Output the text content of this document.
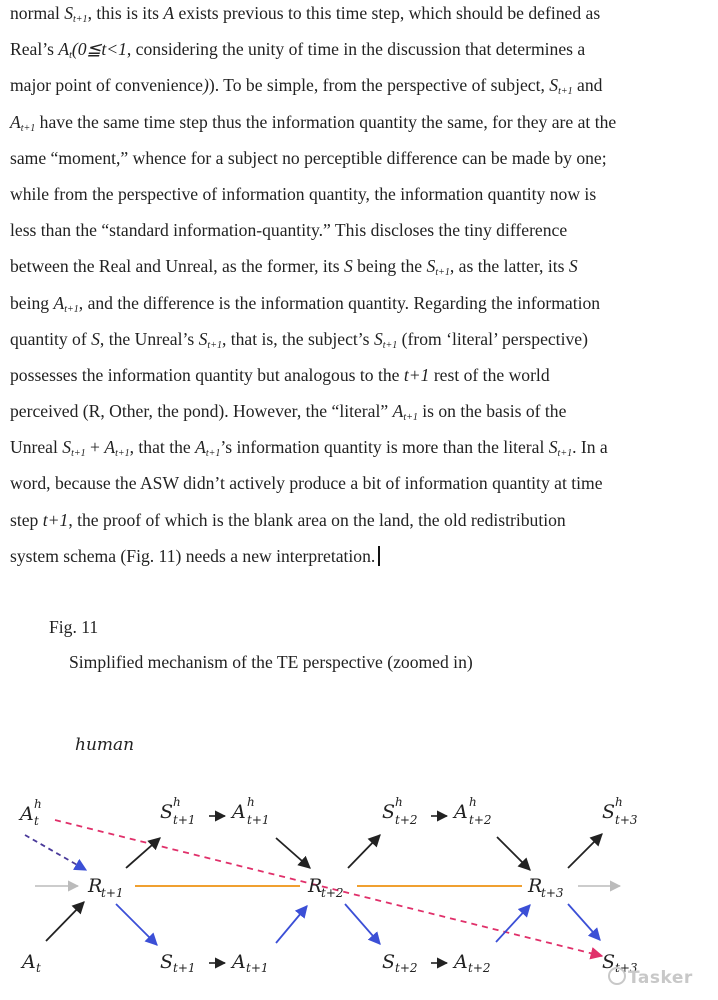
normal $S_{t+1}$, this is its A exists previous to this time step, which should be defined as
Real’s $A_t(0≦t<1$, considering the unity of time in the discussion that determines a
major point of convenience)). To be simple, from the perspective of subject, $S_{t+1}$ and
$A_{t+1}$ have the same time step thus the information quantity the same, for they are at the
same “moment,” whence for a subject no perceptible difference can be made by one;
while from the perspective of information quantity, the information quantity now is
less than the “standard information-quantity.” This discloses the tiny difference
between the Real and Unreal, as the former, its S being the $S_{t+1}$, as the latter, its S
being $A_{t+1}$, and the difference is the information quantity. Regarding the information
quantity of S, the Unreal’s $S_{t+1}$, that is, the subject’s $S_{t+1}$ (from ‘literal’ perspective)
possesses the information quantity but analogous to the t+1 rest of the world
perceived (R, Other, the pond). However, the “literal” $A_{t+1}$ is on the basis of the
Unreal $S_{t+1} + A_{t+1}$, that the $A_{t+1}’s$ information quantity is more than the literal $S_{t+1}$. In a
word, because the ASW didn’t actively produce a bit of information quantity at time
step t+1, the proof of which is the blank area on the land, the old redistribution
system schema (Fig. 11) needs a new interpretation.

Fig. 11

Simplified mechanism of the TE perspective (zoomed in)

human
A h
t
A t
S h
t+1 A h
t+1	S h
t+2 A h
t+2	S h
t+3
R
t+1	R
t+2	R
t+3
S t+1 A t+1	S t+2 A t+2	S t+3
Tasker
